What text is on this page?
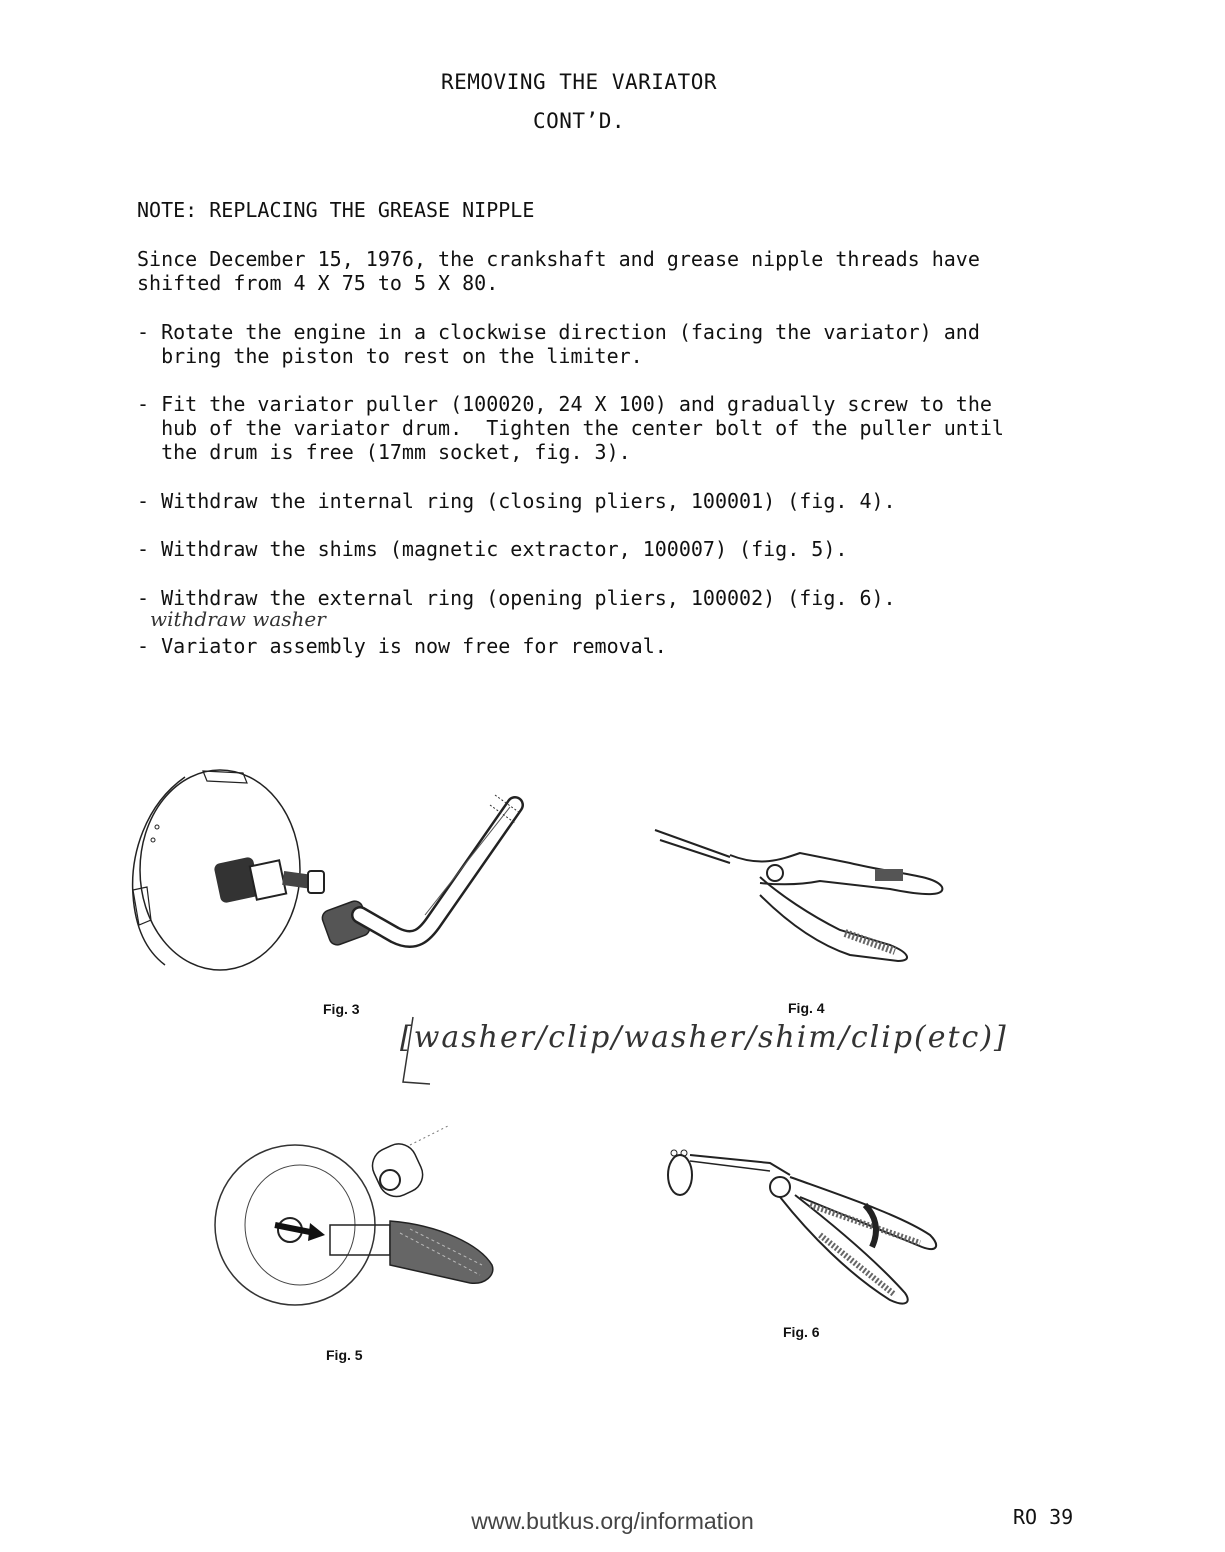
REMOVING THE VARIATOR
CONT’D.
NOTE: REPLACING THE GREASE NIPPLE
Since December 15, 1976, the crankshaft and grease nipple threads have
shifted from 4 X 75 to 5 X 80.
- Rotate the engine in a clockwise direction (facing the variator) and
bring the piston to rest on the limiter.
- Fit the variator puller (100020, 24 X 100) and gradually screw to the
hub of the variator drum.  Tighten the center bolt of the puller until
the drum is free (17mm socket, fig. 3).
- Withdraw the internal ring (closing pliers, 100001) (fig. 4).
- Withdraw the shims (magnetic extractor, 100007) (fig. 5).
- Withdraw the external ring (opening pliers, 100002) (fig. 6).
withdraw washer
- Variator assembly is now free for removal.
Fig. 3	Fig. 4
[washer/clip/washer/shim/clip(etc)]
Fig. 5
Fig. 6
www.butkus.org/information	RO 39
